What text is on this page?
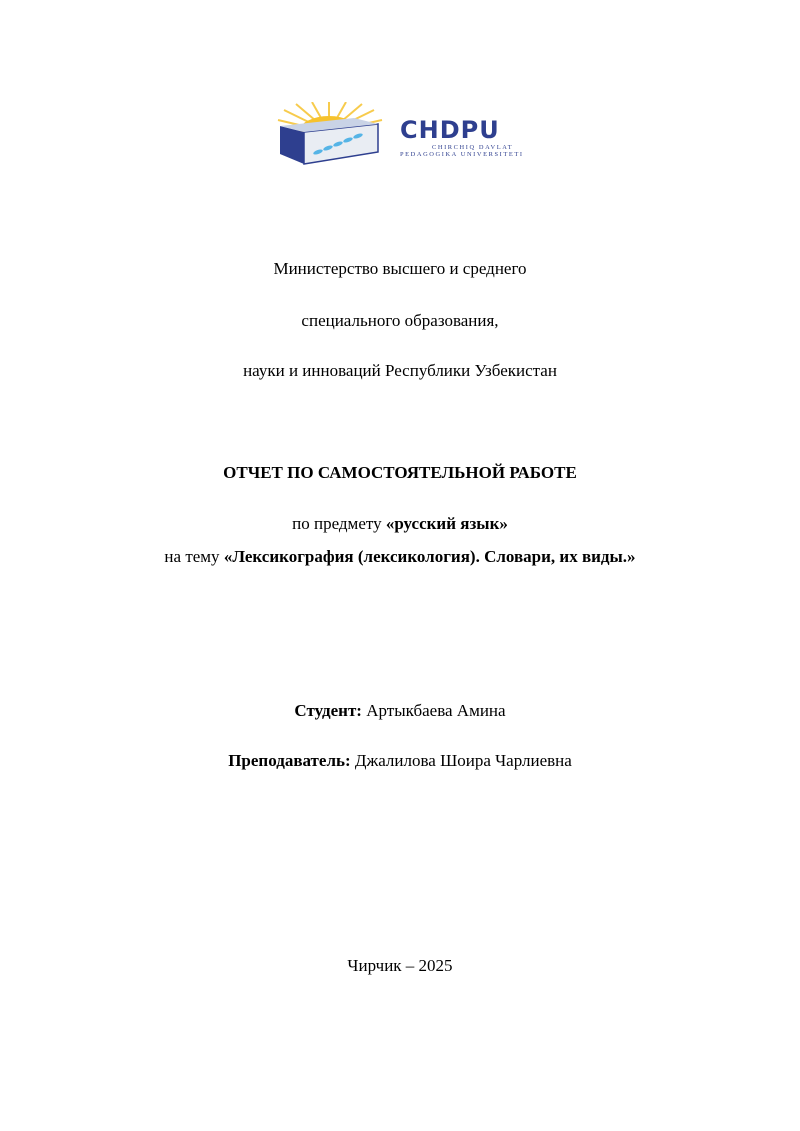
CHDPU
CHIRCHIQ DAVLAT
PEDAGOGIKA UNIVERSITETI
Министерство высшего и среднего
специального образования,
науки и инноваций Республики Узбекистан
ОТЧЕТ ПО САМОСТОЯТЕЛЬНОЙ РАБОТЕ
по предмету «русский язык»
на тему «Лексикография (лексикология). Словари, их виды.»
Студент: Артыкбаева Амина
Преподаватель: Джалилова Шоира Чарлиевна
Чирчик – 2025
